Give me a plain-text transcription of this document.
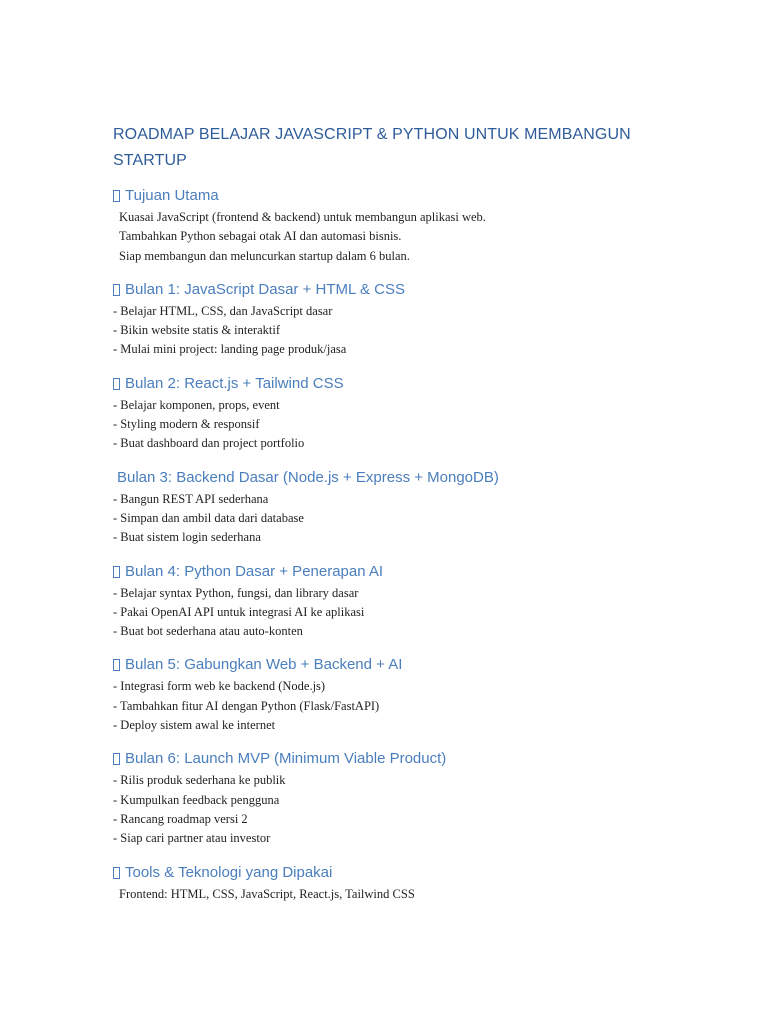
ROADMAP BELAJAR JAVASCRIPT & PYTHON UNTUK MEMBANGUN
STARTUP
Tujuan Utama

Kuasai JavaScript (frontend & backend) untuk membangun aplikasi web.

Tambahkan Python sebagai otak AI dan automasi bisnis.

Siap membangun dan meluncurkan startup dalam 6 bulan.

Bulan 1: JavaScript Dasar + HTML & CSS

- Belajar HTML, CSS, dan JavaScript dasar

- Bikin website statis & interaktif

- Mulai mini project: landing page produk/jasa

Bulan 2: React.js + Tailwind CSS

- Belajar komponen, props, event

- Styling modern & responsif

- Buat dashboard dan project portfolio

Bulan 3: Backend Dasar (Node.js + Express + MongoDB)

- Bangun REST API sederhana

- Simpan dan ambil data dari database

- Buat sistem login sederhana

Bulan 4: Python Dasar + Penerapan AI

- Belajar syntax Python, fungsi, dan library dasar

- Pakai OpenAI API untuk integrasi AI ke aplikasi

- Buat bot sederhana atau auto-konten

Bulan 5: Gabungkan Web + Backend + AI

- Integrasi form web ke backend (Node.js)

- Tambahkan fitur AI dengan Python (Flask/FastAPI)

- Deploy sistem awal ke internet

Bulan 6: Launch MVP (Minimum Viable Product)

- Rilis produk sederhana ke publik

- Kumpulkan feedback pengguna

- Rancang roadmap versi 2

- Siap cari partner atau investor

Tools & Teknologi yang Dipakai

Frontend: HTML, CSS, JavaScript, React.js, Tailwind CSS
